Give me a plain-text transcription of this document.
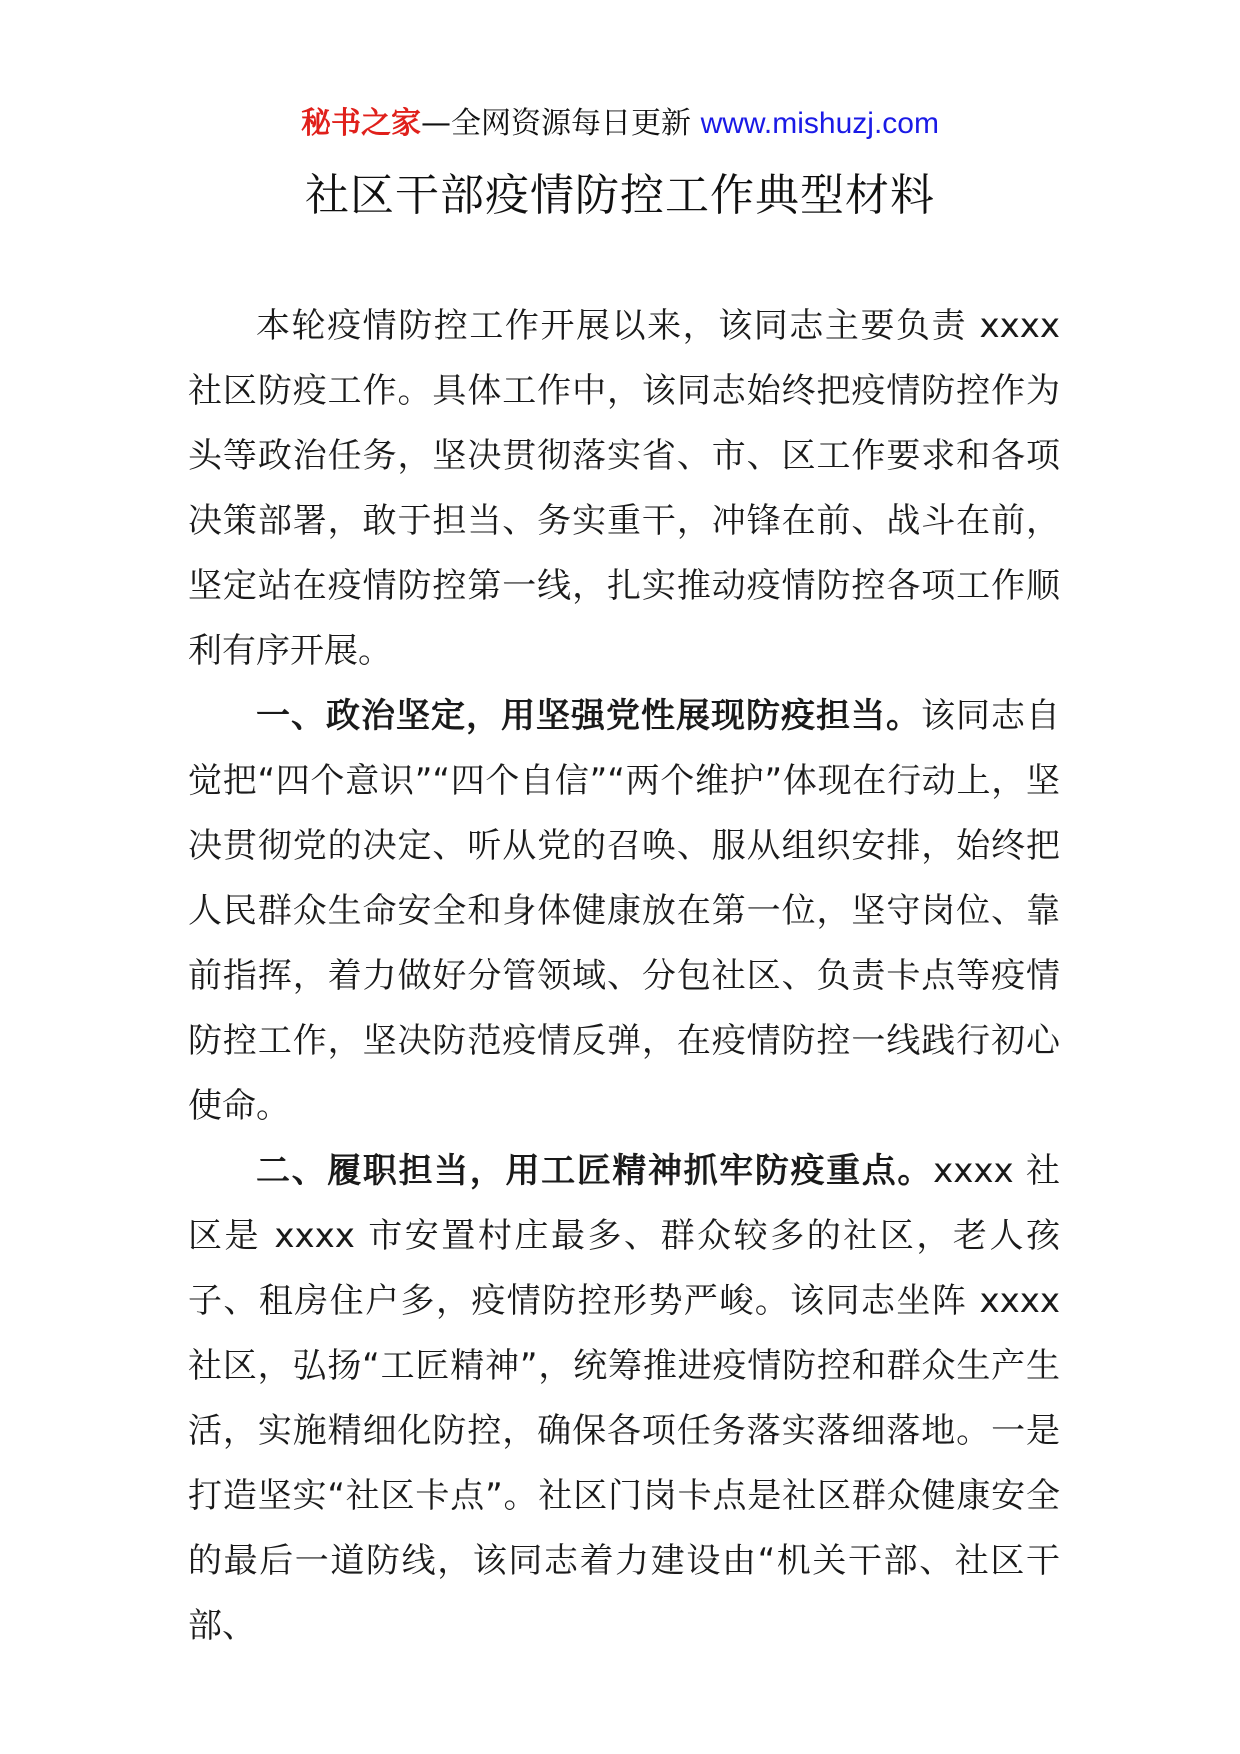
秘书之家—全网资源每日更新 www.mishuzj.com
社区干部疫情防控工作典型材料

本轮疫情防控工作开展以来，该同志主要负责 xxxx 社区防疫工作。具体工作中，该同志始终把疫情防控作为头等政治任务，坚决贯彻落实省、市、区工作要求和各项决策部署，敢于担当、务实重干，冲锋在前、战斗在前，坚定站在疫情防控第一线，扎实推动疫情防控各项工作顺利有序开展。

一、政治坚定，用坚强党性展现防疫担当。该同志自觉把“四个意识”“四个自信”“两个维护”体现在行动上，坚决贯彻党的决定、听从党的召唤、服从组织安排，始终把人民群众生命安全和身体健康放在第一位，坚守岗位、靠前指挥，着力做好分管领域、分包社区、负责卡点等疫情防控工作，坚决防范疫情反弹，在疫情防控一线践行初心使命。

二、履职担当，用工匠精神抓牢防疫重点。xxxx 社区是 xxxx 市安置村庄最多、群众较多的社区，老人孩子、租房住户多，疫情防控形势严峻。该同志坐阵 xxxx 社区，弘扬“工匠精神”，统筹推进疫情防控和群众生产生活，实施精细化防控，确保各项任务落实落细落地。一是打造坚实“社区卡点”。社区门岗卡点是社区群众健康安全的最后一道防线，该同志着力建设由“机关干部、社区干部、
